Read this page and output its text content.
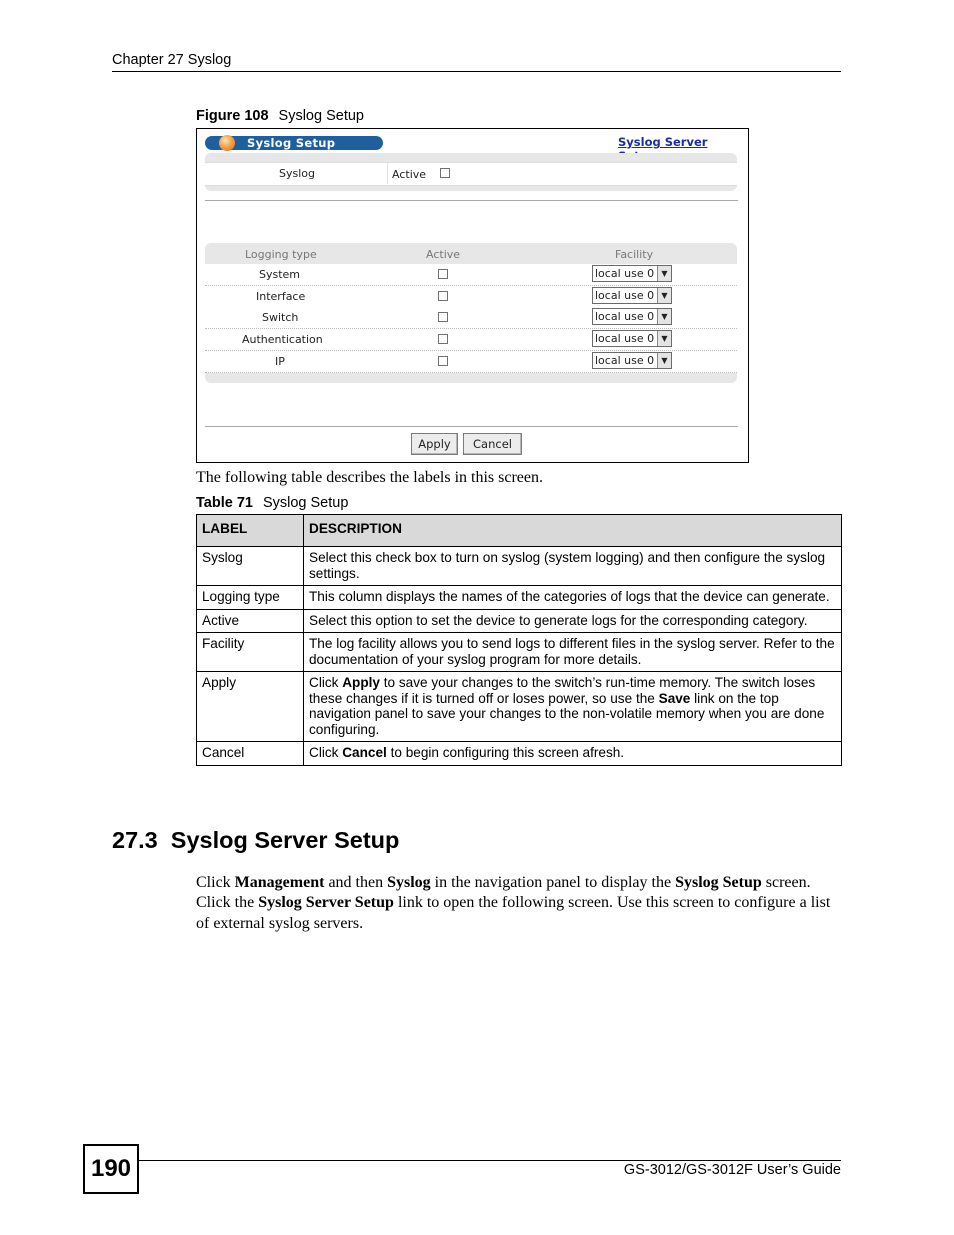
Chapter 27 Syslog
Figure 108 Syslog Setup
Syslog Setup	Syslog Server
Syslog	Active
Logging type	Active	Facility
System	local use 0 ▼
Interface	local use 0 ▼
Switch	local use 0 ▼
Authentication	local use 0 ▼
IP	local use 0 ▼
Apply	Cancel
The following table describes the labels in this screen.
Table 71 Syslog Setup
LABEL	DESCRIPTION
Syslog	Select this check box to turn on syslog (system logging) and then configure the syslog settings.
Logging type	This column displays the names of the categories of logs that the device can generate.
Active	Select this option to set the device to generate logs for the corresponding category.
Facility	The log facility allows you to send logs to different files in the syslog server. Refer to the documentation of your syslog program for more details.
Apply	Click Apply to save your changes to the switch’s run-time memory. The switch loses these changes if it is turned off or loses power, so use the Save link on the top navigation panel to save your changes to the non-volatile memory when you are done configuring.
Cancel	Click Cancel to begin configuring this screen afresh.
27.3  Syslog Server Setup
Click Management and then Syslog in the navigation panel to display the Syslog Setup screen. Click the Syslog Server Setup link to open the following screen. Use this screen to configure a list of external syslog servers.
190	GS-3012/GS-3012F User’s Guide
